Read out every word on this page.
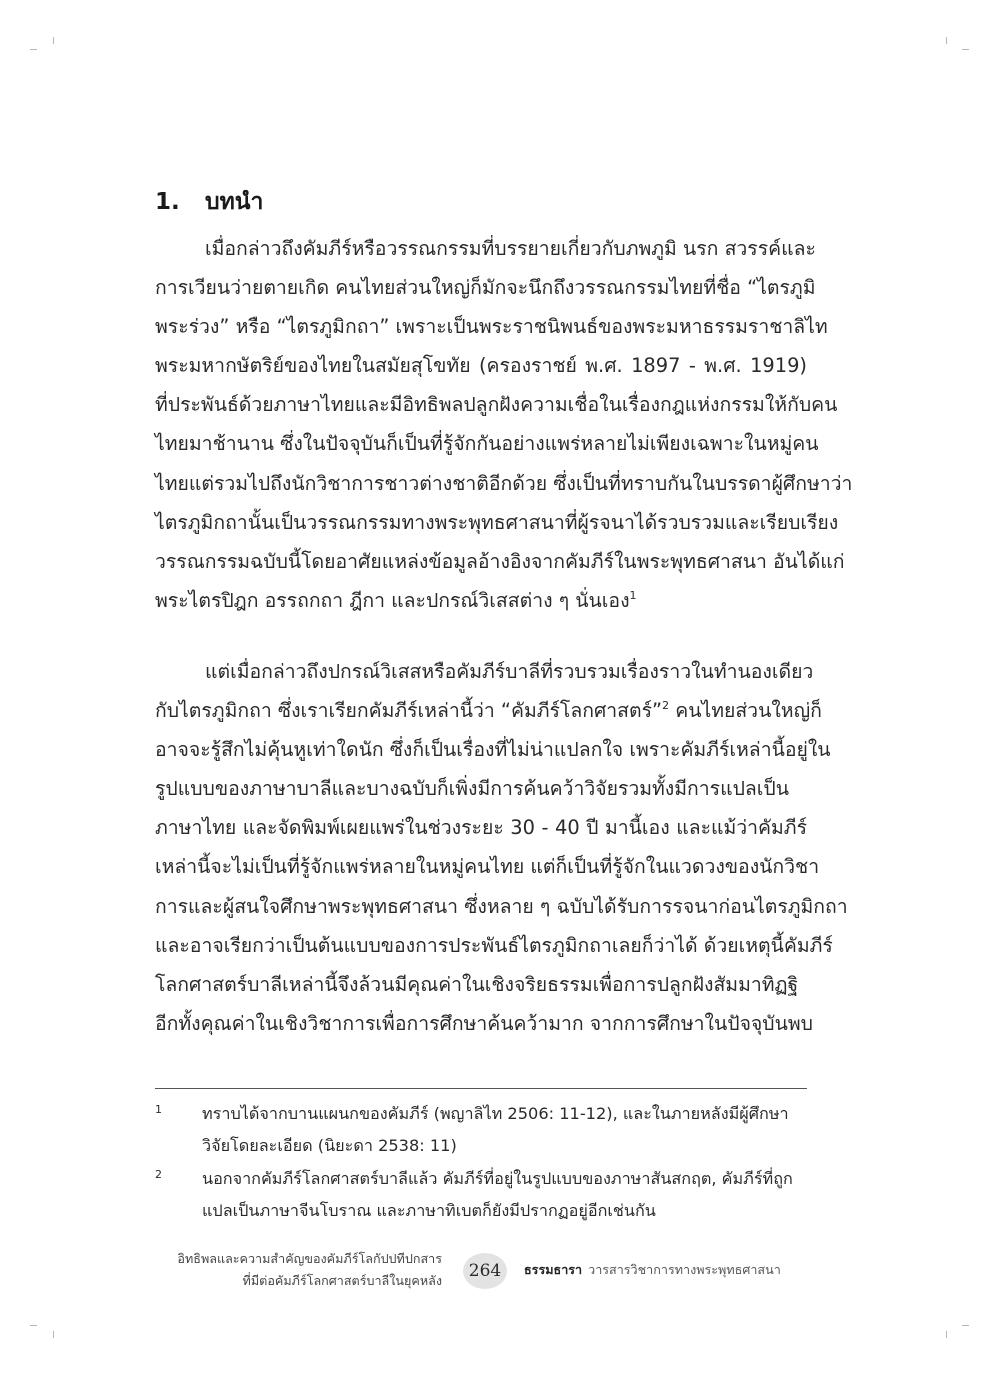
1. บทนำ
เมื่อกล่าวถึงคัมภีร์หรือวรรณกรรมที่บรรยายเกี่ยวกับภพภูมิ นรก สวรรค์และ
การเวียนว่ายตายเกิด คนไทยส่วนใหญ่ก็มักจะนึกถึงวรรณกรรมไทยที่ชื่อ “ไตรภูมิ
พระร่วง” หรือ “ไตรภูมิกถา” เพราะเป็นพระราชนิพนธ์ของพระมหาธรรมราชาลิไท
พระมหากษัตริย์ของไทยในสมัยสุโขทัย (ครองราชย์ พ.ศ. 1897 - พ.ศ. 1919)
ที่ประพันธ์ด้วยภาษาไทยและมีอิทธิพลปลูกฝังความเชื่อในเรื่องกฎแห่งกรรมให้กับคน
ไทยมาช้านาน ซึ่งในปัจจุบันก็เป็นที่รู้จักกันอย่างแพร่หลายไม่เพียงเฉพาะในหมู่คน
ไทยแต่รวมไปถึงนักวิชาการชาวต่างชาติอีกด้วย ซึ่งเป็นที่ทราบกันในบรรดาผู้ศึกษาว่า
ไตรภูมิกถานั้นเป็นวรรณกรรมทางพระพุทธศาสนาที่ผู้รจนาได้รวบรวมและเรียบเรียง
วรรณกรรมฉบับนี้โดยอาศัยแหล่งข้อมูลอ้างอิงจากคัมภีร์ในพระพุทธศาสนา อันได้แก่
พระไตรปิฎก อรรถกถา ฎีกา และปกรณ์วิเสสต่าง ๆ นั่นเอง$^1$
แต่เมื่อกล่าวถึงปกรณ์วิเสสหรือคัมภีร์บาลีที่รวบรวมเรื่องราวในทำนองเดียว
กับไตรภูมิกถา ซึ่งเราเรียกคัมภีร์เหล่านี้ว่า “คัมภีร์โลกศาสตร์”$^2$ คนไทยส่วนใหญ่ก็
อาจจะรู้สึกไม่คุ้นหูเท่าใดนัก ซึ่งก็เป็นเรื่องที่ไม่น่าแปลกใจ เพราะคัมภีร์เหล่านี้อยู่ใน
รูปแบบของภาษาบาลีและบางฉบับก็เพิ่งมีการค้นคว้าวิจัยรวมทั้งมีการแปลเป็น
ภาษาไทย และจัดพิมพ์เผยแพร่ในช่วงระยะ 30 - 40 ปี มานี้เอง และแม้ว่าคัมภีร์
เหล่านี้จะไม่เป็นที่รู้จักแพร่หลายในหมู่คนไทย แต่ก็เป็นที่รู้จักในแวดวงของนักวิชา
การและผู้สนใจศึกษาพระพุทธศาสนา ซึ่งหลาย ๆ ฉบับได้รับการรจนาก่อนไตรภูมิกถา
และอาจเรียกว่าเป็นต้นแบบของการประพันธ์ไตรภูมิกถาเลยก็ว่าได้ ด้วยเหตุนี้คัมภีร์
โลกศาสตร์บาลีเหล่านี้จึงล้วนมีคุณค่าในเชิงจริยธรรมเพื่อการปลูกฝังสัมมาทิฏฐิ
อีกทั้งคุณค่าในเชิงวิชาการเพื่อการศึกษาค้นคว้ามาก จากการศึกษาในปัจจุบันพบ
1 ทราบได้จากบานแผนกของคัมภีร์ (พญาลิไท 2506: 11-12), และในภายหลังมีผู้ศึกษา
วิจัยโดยละเอียด (นิยะดา 2538: 11)
2 นอกจากคัมภีร์โลกศาสตร์บาลีแล้ว คัมภีร์ที่อยู่ในรูปแบบของภาษาสันสกฤต, คัมภีร์ที่ถูก
แปลเป็นภาษาจีนโบราณ และภาษาทิเบตก็ยังมีปรากฏอยู่อีกเช่นกัน
อิทธิพลและความสำคัญของคัมภีร์โลกัปปทีปกสาร
ที่มีต่อคัมภีร์โลกศาสตร์บาลีในยุคหลัง	264	ธรรมธารา วารสารวิชาการทางพระพุทธศาสนา
